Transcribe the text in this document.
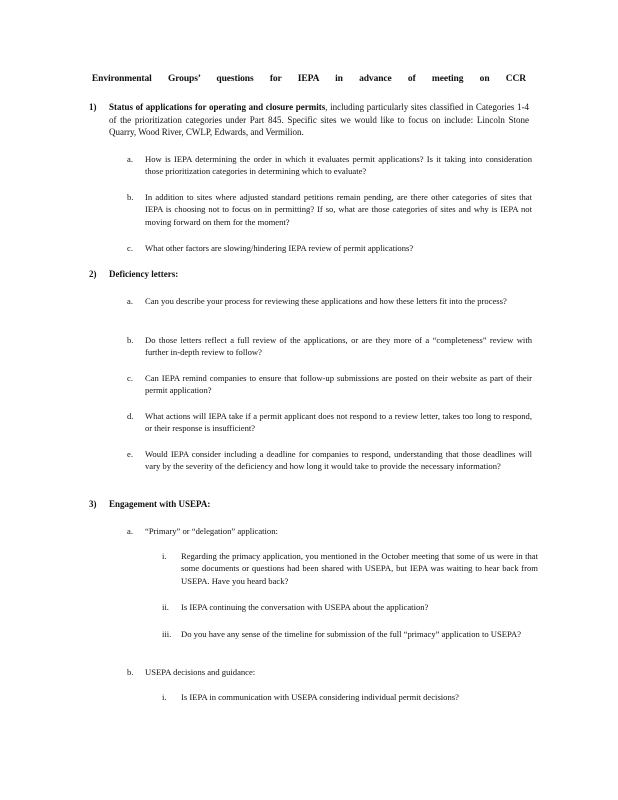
Environmental Groups’ questions for IEPA in advance of meeting on CCR
1) Status of applications for operating and closure permits, including particularly sites classified in Categories 1-4 of the prioritization categories under Part 845. Specific sites we would like to focus on include: Lincoln Stone Quarry, Wood River, CWLP, Edwards, and Vermilion.
a. How is IEPA determining the order in which it evaluates permit applications? Is it taking into consideration those prioritization categories in determining which to evaluate?
b. In addition to sites where adjusted standard petitions remain pending, are there other categories of sites that IEPA is choosing not to focus on in permitting? If so, what are those categories of sites and why is IEPA not moving forward on them for the moment?
c. What other factors are slowing/hindering IEPA review of permit applications?
2) Deficiency letters:
a. Can you describe your process for reviewing these applications and how these letters fit into the process?
b. Do those letters reflect a full review of the applications, or are they more of a “completeness” review with further in-depth review to follow?
c. Can IEPA remind companies to ensure that follow-up submissions are posted on their website as part of their permit application?
d. What actions will IEPA take if a permit applicant does not respond to a review letter, takes too long to respond, or their response is insufficient?
e. Would IEPA consider including a deadline for companies to respond, understanding that those deadlines will vary by the severity of the deficiency and how long it would take to provide the necessary information?
3) Engagement with USEPA:
a. “Primary” or “delegation” application:
i. Regarding the primacy application, you mentioned in the October meeting that some of us were in that some documents or questions had been shared with USEPA, but IEPA was waiting to hear back from USEPA. Have you heard back?
ii. Is IEPA continuing the conversation with USEPA about the application?
iii. Do you have any sense of the timeline for submission of the full “primacy” application to USEPA?
b. USEPA decisions and guidance:
i. Is IEPA in communication with USEPA considering individual permit decisions?
